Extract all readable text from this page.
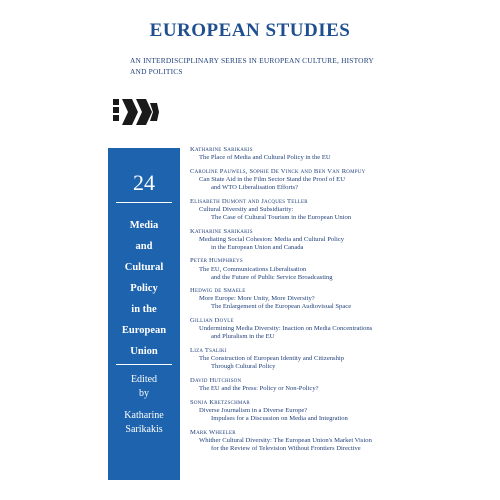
EUROPEAN STUDIES
AN INTERDISCIPLINARY SERIES IN EUROPEAN CULTURE, HISTORY
AND POLITICS
24
Media
and
Cultural
Policy
in the
European
Union
Edited
by
Katharine
Sarikakis
Katharine Sarikakis
The Place of Media and Cultural Policy in the EU
Caroline Pauwels, Sophie De Vinck and Ben Van Rompuy
Can State Aid in the Film Sector Stand the Proof of EU
and WTO Liberalisation Efforts?
Elisabeth Dumont and Jacques Teller
Cultural Diversity and Subsidiarity:
The Case of Cultural Tourism in the European Union
Katharine Sarikakis
Mediating Social Cohesion: Media and Cultural Policy
in the European Union and Canada
Peter Humphreys
The EU, Communications Liberalisation
and the Future of Public Service Broadcasting
Hedwig de Smaele
More Europe: More Unity, More Diversity?
The Enlargement of the European Audiovisual Space
Gillian Doyle
Undermining Media Diversity: Inaction on Media Concentrations
and Pluralism in the EU
Liza Tsaliki
The Construction of European Identity and Citizenship
Through Cultural Policy
David Hutchison
The EU and the Press: Policy or Non-Policy?
Sonja Kretzschmar
Diverse Journalism in a Diverse Europe?
Impulses for a Discussion on Media and Integration
Mark Wheeler
Whither Cultural Diversity: The European Union's Market Vision
for the Review of Television Without Frontiers Directive
